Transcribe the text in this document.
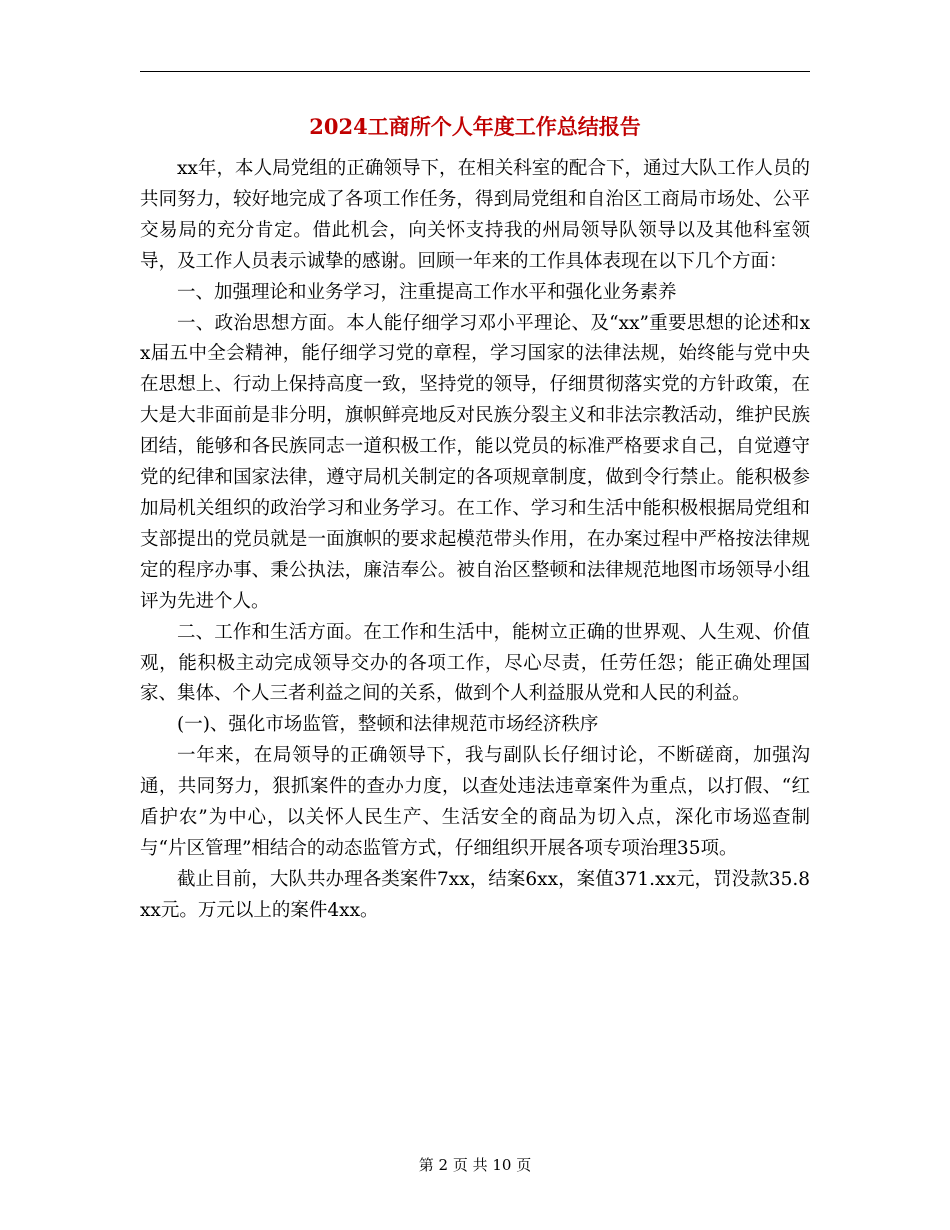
2024工商所个人年度工作总结报告

xx年，本人局党组的正确领导下，在相关科室的配合下，通过大队工作人员的共同努力，较好地完成了各项工作任务，得到局党组和自治区工商局市场处、公平交易局的充分肯定。借此机会，向关怀支持我的州局领导队领导以及其他科室领导，及工作人员表示诚挚的感谢。回顾一年来的工作具体表现在以下几个方面：

一、加强理论和业务学习，注重提高工作水平和强化业务素养

一、政治思想方面。本人能仔细学习邓小平理论、及“xx”重要思想的论述和xx届五中全会精神，能仔细学习党的章程，学习国家的法律法规，始终能与党中央在思想上、行动上保持高度一致，坚持党的领导，仔细贯彻落实党的方针政策，在大是大非面前是非分明，旗帜鲜亮地反对民族分裂主义和非法宗教活动，维护民族团结，能够和各民族同志一道积极工作，能以党员的标准严格要求自己，自觉遵守党的纪律和国家法律，遵守局机关制定的各项规章制度，做到令行禁止。能积极参加局机关组织的政治学习和业务学习。在工作、学习和生活中能积极根据局党组和支部提出的党员就是一面旗帜的要求起模范带头作用，在办案过程中严格按法律规定的程序办事、秉公执法，廉洁奉公。被自治区整顿和法律规范地图市场领导小组评为先进个人。

二、工作和生活方面。在工作和生活中，能树立正确的世界观、人生观、价值观，能积极主动完成领导交办的各项工作，尽心尽责，任劳任怨；能正确处理国家、集体、个人三者利益之间的关系，做到个人利益服从党和人民的利益。

(一)、强化市场监管，整顿和法律规范市场经济秩序

一年来，在局领导的正确领导下，我与副队长仔细讨论，不断磋商，加强沟通，共同努力，狠抓案件的查办力度，以查处违法违章案件为重点，以打假、“红盾护农”为中心，以关怀人民生产、生活安全的商品为切入点，深化市场巡查制与“片区管理”相结合的动态监管方式，仔细组织开展各项专项治理35项。

截止目前，大队共办理各类案件7xx，结案6xx，案值371.xx元，罚没款35.8xx元。万元以上的案件4xx。

第 2 页 共 10 页
